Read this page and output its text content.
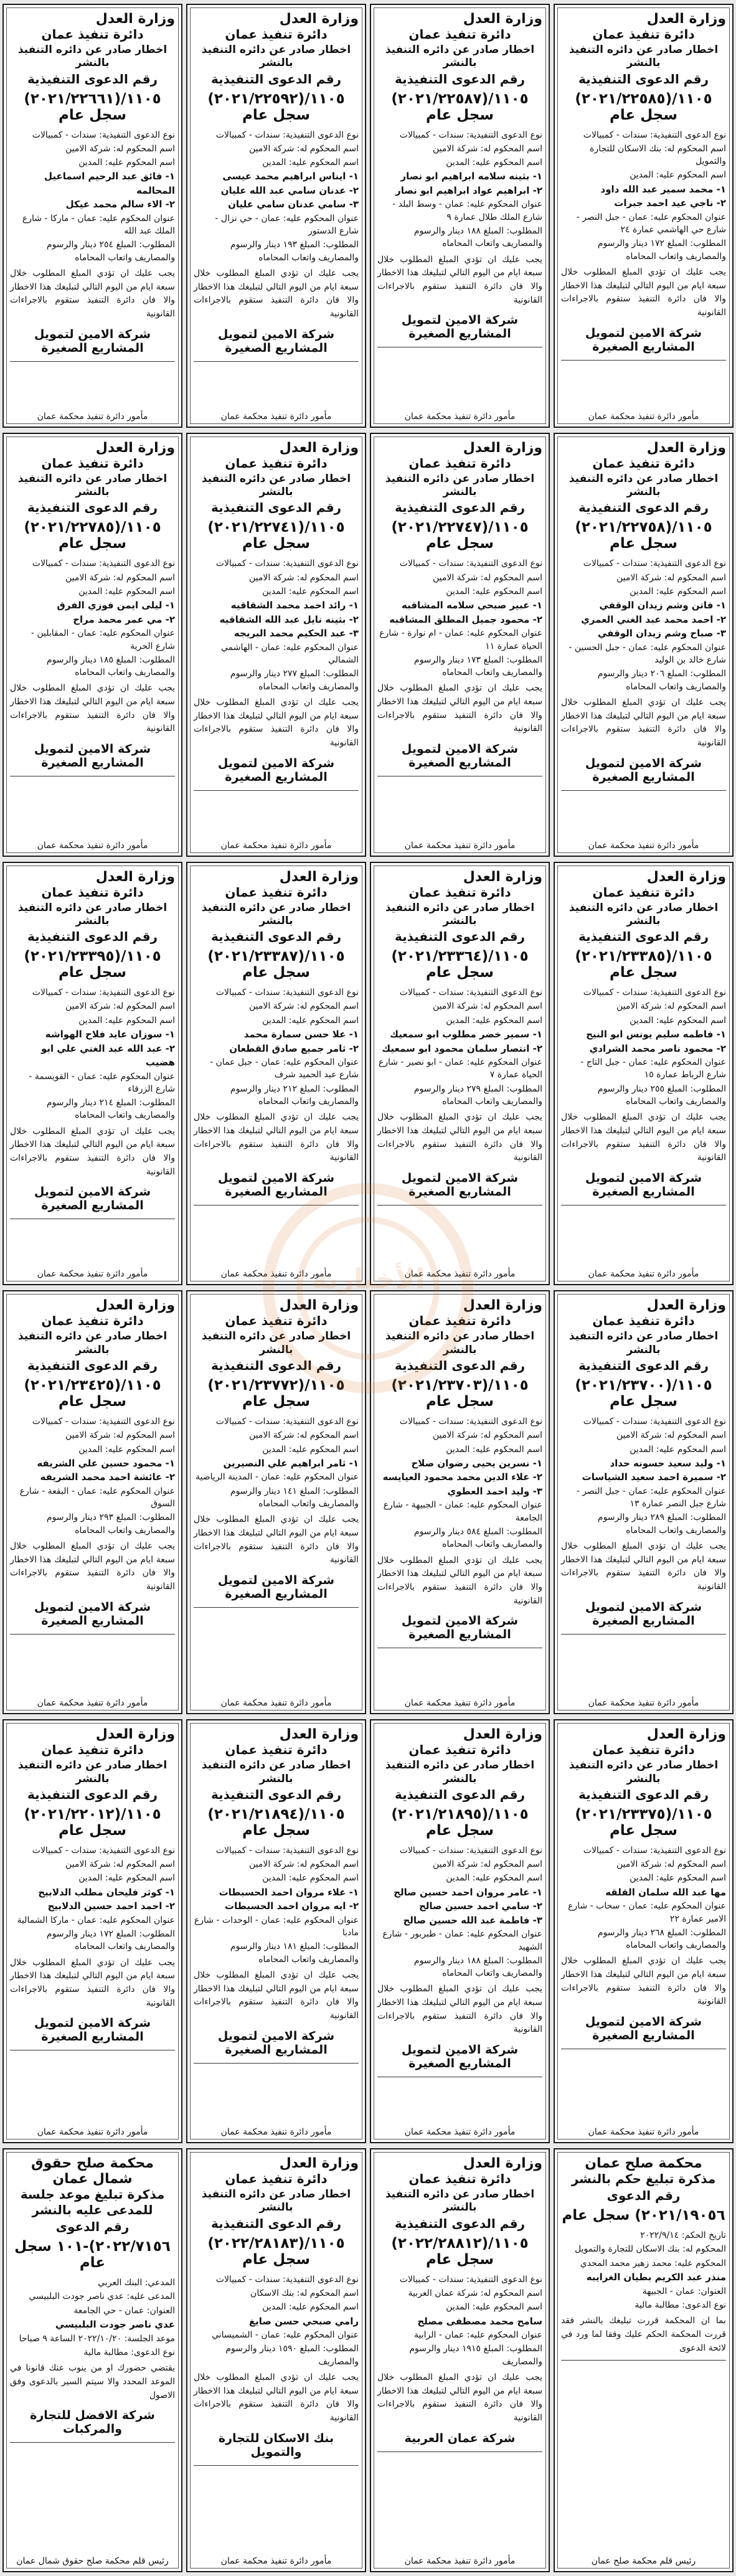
وزارة العدل
دائرة تنفيذ عمان
اخطار صادر عن دائره التنفيذ بالنشر
رقم الدعوى التنفيذية
١١٠٥/(٢٠٢١/٢٢٥٨٥) سجل عام
نوع الدعوى التنفيذية: سندات - كمبيالات
اسم المحكوم له: بنك الاسكان للتجارة والتمويل
اسم المحكوم عليه: المدين
١- محمد سمير عبد الله داود
٢- ناجي عيد احمد جبرات
عنوان المحكوم عليه: عمان - جبل النصر - شارع حي الهاشمي عمارة ٢٤
المطلوب: المبلغ ١٧٢ دينار والرسوم والمصاريف واتعاب المحاماه
يجب عليك ان تؤدي المبلغ المطلوب خلال سبعة ايام من اليوم التالي لتبليغك هذا الاخطار والا فان دائرة التنفيذ ستقوم بالاجراءات القانونية
شركة الامين لتمويل المشاريع الصغيرة
مأمور دائرة تنفيذ محكمة عمان
وزارة العدل
دائرة تنفيذ عمان
اخطار صادر عن دائره التنفيذ بالنشر
رقم الدعوى التنفيذية
١١٠٥/(٢٠٢١/٢٢٥٨٧) سجل عام
نوع الدعوى التنفيذية: سندات - كمبيالات
اسم المحكوم له: شركة الامين
اسم المحكوم عليه: المدين
١- بثينه سلامه ابراهيم ابو نصار
٢- ابراهيم عواد ابراهيم ابو نصار
عنوان المحكوم عليه: عمان - وسط البلد - شارع الملك طلال عمارة ٩
المطلوب: المبلغ ١٨٨ دينار والرسوم والمصاريف واتعاب المحاماه
يجب عليك ان تؤدي المبلغ المطلوب خلال سبعة ايام من اليوم التالي لتبليغك هذا الاخطار والا فان دائرة التنفيذ ستقوم بالاجراءات القانونية
شركة الامين لتمويل المشاريع الصغيرة
مأمور دائرة تنفيذ محكمة عمان
وزارة العدل
دائرة تنفيذ عمان
اخطار صادر عن دائره التنفيذ بالنشر
رقم الدعوى التنفيذية
١١٠٥/(٢٠٢١/٢٢٥٩٢) سجل عام
نوع الدعوى التنفيذية: سندات - كمبيالات
اسم المحكوم له: شركة الامين
اسم المحكوم عليه: المدين
١- ايناس ابراهيم محمد عيسى
٢- عدنان سامي عبد الله عليان
٣- سامي عدنان سامي عليان
عنوان المحكوم عليه: عمان - حي نزال - شارع الدستور
المطلوب: المبلغ ١٩٣ دينار والرسوم والمصاريف واتعاب المحاماه
يجب عليك ان تؤدي المبلغ المطلوب خلال سبعة ايام من اليوم التالي لتبليغك هذا الاخطار والا فان دائرة التنفيذ ستقوم بالاجراءات القانونية
شركة الامين لتمويل المشاريع الصغيرة
مأمور دائرة تنفيذ محكمة عمان
وزارة العدل
دائرة تنفيذ عمان
اخطار صادر عن دائره التنفيذ بالنشر
رقم الدعوى التنفيذية
١١٠٥/(٢٠٢١/٢٢٦٦١) سجل عام
نوع الدعوى التنفيذية: سندات - كمبيالات
اسم المحكوم له: شركة الامين
اسم المحكوم عليه: المدين
١- فائق عبد الرحيم اسماعيل المحالمه
٢- الاء سالم محمد عيكل
عنوان المحكوم عليه: عمان - ماركا - شارع الملك عبد الله
المطلوب: المبلغ ٢٥٤ دينار والرسوم والمصاريف واتعاب المحاماه
يجب عليك ان تؤدي المبلغ المطلوب خلال سبعة ايام من اليوم التالي لتبليغك هذا الاخطار والا فان دائرة التنفيذ ستقوم بالاجراءات القانونية
شركة الامين لتمويل المشاريع الصغيرة
مأمور دائرة تنفيذ محكمة عمان
وزارة العدل
دائرة تنفيذ عمان
اخطار صادر عن دائره التنفيذ بالنشر
رقم الدعوى التنفيذية
١١٠٥/(٢٠٢١/٢٢٧٥٨) سجل عام
نوع الدعوى التنفيذية: سندات - كمبيالات
اسم المحكوم له: شركة الامين
اسم المحكوم عليه: المدين
١- فاتن وشم زيدان الوقفي
٢- احمد محمد عبد الغني العمري
٣- صباح وشم زيدان الوقفي
عنوان المحكوم عليه: عمان - جبل الحسين - شارع خالد بن الوليد
المطلوب: المبلغ ٢٠٦ دينار والرسوم والمصاريف واتعاب المحاماه
يجب عليك ان تؤدي المبلغ المطلوب خلال سبعة ايام من اليوم التالي لتبليغك هذا الاخطار والا فان دائرة التنفيذ ستقوم بالاجراءات القانونية
شركة الامين لتمويل المشاريع الصغيرة
مأمور دائرة تنفيذ محكمة عمان
وزارة العدل
دائرة تنفيذ عمان
اخطار صادر عن دائره التنفيذ بالنشر
رقم الدعوى التنفيذية
١١٠٥/(٢٠٢١/٢٢٧٤٧) سجل عام
نوع الدعوى التنفيذية: سندات - كمبيالات
اسم المحكوم له: شركة الامين
اسم المحكوم عليه: المدين
١- عبير صبحي سلامه المشاقبه
٢- محمود جميل المطلق المشاقبه
عنوان المحكوم عليه: عمان - ام نوارة - شارع الحياة عمارة ١١
المطلوب: المبلغ ١٧٣ دينار والرسوم والمصاريف واتعاب المحاماه
يجب عليك ان تؤدي المبلغ المطلوب خلال سبعة ايام من اليوم التالي لتبليغك هذا الاخطار والا فان دائرة التنفيذ ستقوم بالاجراءات القانونية
شركة الامين لتمويل المشاريع الصغيرة
مأمور دائرة تنفيذ محكمة عمان
وزارة العدل
دائرة تنفيذ عمان
اخطار صادر عن دائره التنفيذ بالنشر
رقم الدعوى التنفيذية
١١٠٥/(٢٠٢١/٢٢٧٤١) سجل عام
نوع الدعوى التنفيذية: سندات - كمبيالات
اسم المحكوم له: شركة الامين
اسم المحكوم عليه: المدين
١- رائد احمد محمد الشقاقيه
٢- بثينه نايل عبد الله الشقاقيه
٣- عبد الحكيم محمد البريجه
عنوان المحكوم عليه: عمان - الهاشمي الشمالي
المطلوب: المبلغ ٢٧٧ دينار والرسوم والمصاريف واتعاب المحاماه
يجب عليك ان تؤدي المبلغ المطلوب خلال سبعة ايام من اليوم التالي لتبليغك هذا الاخطار والا فان دائرة التنفيذ ستقوم بالاجراءات القانونية
شركة الامين لتمويل المشاريع الصغيرة
مأمور دائرة تنفيذ محكمة عمان
وزارة العدل
دائرة تنفيذ عمان
اخطار صادر عن دائره التنفيذ بالنشر
رقم الدعوى التنفيذية
١١٠٥/(٢٠٢١/٢٢٧٨٥) سجل عام
نوع الدعوى التنفيذية: سندات - كمبيالات
اسم المحكوم له: شركة الامين
اسم المحكوم عليه: المدين
١- ليلى ايمن فوزي الفرق
٢- مي عمر محمد مراح
عنوان المحكوم عليه: عمان - المقابلين - شارع الحرية
المطلوب: المبلغ ١٨٥ دينار والرسوم والمصاريف واتعاب المحاماه
يجب عليك ان تؤدي المبلغ المطلوب خلال سبعة ايام من اليوم التالي لتبليغك هذا الاخطار والا فان دائرة التنفيذ ستقوم بالاجراءات القانونية
شركة الامين لتمويل المشاريع الصغيرة
مأمور دائرة تنفيذ محكمة عمان
وزارة العدل
دائرة تنفيذ عمان
اخطار صادر عن دائره التنفيذ بالنشر
رقم الدعوى التنفيذية
١١٠٥/(٢٠٢١/٢٣٣٨٥) سجل عام
نوع الدعوى التنفيذية: سندات - كمبيالات
اسم المحكوم له: شركة الامين
اسم المحكوم عليه: المدين
١- فاطمه سليم يونس ابو النيح
٢- محمود ناصر محمد الشرادي
عنوان المحكوم عليه: عمان - جبل التاج - شارع الرباط عمارة ١٥
المطلوب: المبلغ ٢٥٥ دينار والرسوم والمصاريف واتعاب المحاماه
يجب عليك ان تؤدي المبلغ المطلوب خلال سبعة ايام من اليوم التالي لتبليغك هذا الاخطار والا فان دائرة التنفيذ ستقوم بالاجراءات القانونية
شركة الامين لتمويل المشاريع الصغيرة
مأمور دائرة تنفيذ محكمة عمان
وزارة العدل
دائرة تنفيذ عمان
اخطار صادر عن دائره التنفيذ بالنشر
رقم الدعوى التنفيذية
١١٠٥/(٢٠٢١/٢٣٣٦٤) سجل عام
نوع الدعوى التنفيذية: سندات - كمبيالات
اسم المحكوم له: شركة الامين
اسم المحكوم عليه: المدين
١- سمير خضر مطلوب ابو سمعيك
٢- انتصار سلمان محمود ابو سمعيك
عنوان المحكوم عليه: عمان - ابو نصير - شارع الحياة عمارة ٧
المطلوب: المبلغ ٢٧٩ دينار والرسوم والمصاريف واتعاب المحاماه
يجب عليك ان تؤدي المبلغ المطلوب خلال سبعة ايام من اليوم التالي لتبليغك هذا الاخطار والا فان دائرة التنفيذ ستقوم بالاجراءات القانونية
شركة الامين لتمويل المشاريع الصغيرة
مأمور دائرة تنفيذ محكمة عمان
وزارة العدل
دائرة تنفيذ عمان
اخطار صادر عن دائره التنفيذ بالنشر
رقم الدعوى التنفيذية
١١٠٥/(٢٠٢١/٢٣٣٨٧) سجل عام
نوع الدعوى التنفيذية: سندات - كمبيالات
اسم المحكوم له: شركة الامين
اسم المحكوم عليه: المدين
١- علا حسن سمارة محمد
٢- ثامر جميع صادق القطعان
عنوان المحكوم عليه: عمان - جبل عمان - شارع عبد الحميد شرف
المطلوب: المبلغ ٢١٢ دينار والرسوم والمصاريف واتعاب المحاماه
يجب عليك ان تؤدي المبلغ المطلوب خلال سبعة ايام من اليوم التالي لتبليغك هذا الاخطار والا فان دائرة التنفيذ ستقوم بالاجراءات القانونية
شركة الامين لتمويل المشاريع الصغيرة
مأمور دائرة تنفيذ محكمة عمان
وزارة العدل
دائرة تنفيذ عمان
اخطار صادر عن دائره التنفيذ بالنشر
رقم الدعوى التنفيذية
١١٠٥/(٢٠٢١/٢٣٣٩٥) سجل عام
نوع الدعوى التنفيذية: سندات - كمبيالات
اسم المحكوم له: شركة الامين
اسم المحكوم عليه: المدين
١- سوزان عايد فلاح الهواشه
٢- عبد الله عبد الغني علي ابو هضيب
عنوان المحكوم عليه: عمان - القويسمة - شارع الزرقاء
المطلوب: المبلغ ٢١٤ دينار والرسوم والمصاريف واتعاب المحاماه
يجب عليك ان تؤدي المبلغ المطلوب خلال سبعة ايام من اليوم التالي لتبليغك هذا الاخطار والا فان دائرة التنفيذ ستقوم بالاجراءات القانونية
شركة الامين لتمويل المشاريع الصغيرة
مأمور دائرة تنفيذ محكمة عمان
وزارة العدل
دائرة تنفيذ عمان
اخطار صادر عن دائره التنفيذ بالنشر
رقم الدعوى التنفيذية
١١٠٥/(٢٠٢١/٢٣٧٠٠) سجل عام
نوع الدعوى التنفيذية: سندات - كمبيالات
اسم المحكوم له: شركة الامين
اسم المحكوم عليه: المدين
١- وليد سعيد حسونه حداد
٢- سميرة احمد سعيد الشياسات
عنوان المحكوم عليه: عمان - جبل النصر - شارع جبل النصر عمارة ١٣
المطلوب: المبلغ ٢٨٩ دينار والرسوم والمصاريف واتعاب المحاماه
يجب عليك ان تؤدي المبلغ المطلوب خلال سبعة ايام من اليوم التالي لتبليغك هذا الاخطار والا فان دائرة التنفيذ ستقوم بالاجراءات القانونية
شركة الامين لتمويل المشاريع الصغيرة
مأمور دائرة تنفيذ محكمة عمان
وزارة العدل
دائرة تنفيذ عمان
اخطار صادر عن دائره التنفيذ بالنشر
رقم الدعوى التنفيذية
١١٠٥/(٢٠٢١/٢٣٧٠٣) سجل عام
نوع الدعوى التنفيذية: سندات - كمبيالات
اسم المحكوم له: شركة الامين
اسم المحكوم عليه: المدين
١- نسرين يحيى رضوان صلاح
٢- علاء الدين محمد محمود العيايسه
٣- وليد احمد العطوي
عنوان المحكوم عليه: عمان - الجبيهة - شارع الجامعة
المطلوب: المبلغ ٥٨٤ دينار والرسوم والمصاريف واتعاب المحاماه
يجب عليك ان تؤدي المبلغ المطلوب خلال سبعة ايام من اليوم التالي لتبليغك هذا الاخطار والا فان دائرة التنفيذ ستقوم بالاجراءات القانونية
شركة الامين لتمويل المشاريع الصغيرة
مأمور دائرة تنفيذ محكمة عمان
وزارة العدل
دائرة تنفيذ عمان
اخطار صادر عن دائره التنفيذ بالنشر
رقم الدعوى التنفيذية
١١٠٥/(٢٠٢١/٢٣٧٧٢) سجل عام
نوع الدعوى التنفيذية: سندات - كمبيالات
اسم المحكوم له: شركة الامين
اسم المحكوم عليه: المدين
١- ثامر ابراهيم علي النصيرين
عنوان المحكوم عليه: عمان - المدينة الرياضية
المطلوب: المبلغ ١٤١ دينار والرسوم والمصاريف واتعاب المحاماه
يجب عليك ان تؤدي المبلغ المطلوب خلال سبعة ايام من اليوم التالي لتبليغك هذا الاخطار والا فان دائرة التنفيذ ستقوم بالاجراءات القانونية
شركة الامين لتمويل المشاريع الصغيرة
مأمور دائرة تنفيذ محكمة عمان
وزارة العدل
دائرة تنفيذ عمان
اخطار صادر عن دائره التنفيذ بالنشر
رقم الدعوى التنفيذية
١١٠٥/(٢٠٢١/٢٣٤٢٥) سجل عام
نوع الدعوى التنفيذية: سندات - كمبيالات
اسم المحكوم له: شركة الامين
اسم المحكوم عليه: المدين
١- محمود حسين علي الشريفه
٢- عائشة احمد محمد الشريفه
عنوان المحكوم عليه: عمان - البقعة - شارع السوق
المطلوب: المبلغ ٢٩٣ دينار والرسوم والمصاريف واتعاب المحاماه
يجب عليك ان تؤدي المبلغ المطلوب خلال سبعة ايام من اليوم التالي لتبليغك هذا الاخطار والا فان دائرة التنفيذ ستقوم بالاجراءات القانونية
شركة الامين لتمويل المشاريع الصغيرة
مأمور دائرة تنفيذ محكمة عمان
وزارة العدل
دائرة تنفيذ عمان
اخطار صادر عن دائره التنفيذ بالنشر
رقم الدعوى التنفيذية
١١٠٥/(٢٠٢١/٢٣٣٧٥) سجل عام
نوع الدعوى التنفيذية: سندات - كمبيالات
اسم المحكوم له: شركة الامين
اسم المحكوم عليه: المدين
مها عبد الله سلمان القلقه
عنوان المحكوم عليه: عمان - سحاب - شارع الامير عمارة ٢٢
المطلوب: المبلغ ٢٦٨ دينار والرسوم والمصاريف واتعاب المحاماه
يجب عليك ان تؤدي المبلغ المطلوب خلال سبعة ايام من اليوم التالي لتبليغك هذا الاخطار والا فان دائرة التنفيذ ستقوم بالاجراءات القانونية
شركة الامين لتمويل المشاريع الصغيرة
مأمور دائرة تنفيذ محكمة عمان
وزارة العدل
دائرة تنفيذ عمان
اخطار صادر عن دائره التنفيذ بالنشر
رقم الدعوى التنفيذية
١١٠٥/(٢٠٢١/٢١٨٩٥) سجل عام
نوع الدعوى التنفيذية: سندات - كمبيالات
اسم المحكوم له: شركة الامين
اسم المحكوم عليه: المدين
١- عامر مروان احمد حسين صالح
٢- سامي احمد حسين صالح
٣- فاطمة عبد الله حسين صالح
عنوان المحكوم عليه: عمان - طبربور - شارع الشهيد
المطلوب: المبلغ ١٨٨ دينار والرسوم والمصاريف واتعاب المحاماه
يجب عليك ان تؤدي المبلغ المطلوب خلال سبعة ايام من اليوم التالي لتبليغك هذا الاخطار والا فان دائرة التنفيذ ستقوم بالاجراءات القانونية
شركة الامين لتمويل المشاريع الصغيرة
مأمور دائرة تنفيذ محكمة عمان
وزارة العدل
دائرة تنفيذ عمان
اخطار صادر عن دائره التنفيذ بالنشر
رقم الدعوى التنفيذية
١١٠٥/(٢٠٢١/٢١٨٩٤) سجل عام
نوع الدعوى التنفيذية: سندات - كمبيالات
اسم المحكوم له: شركة الامين
اسم المحكوم عليه: المدين
١- علاء مروان احمد الحسبطات
٢- ايه مروان احمد الحسبطات
عنوان المحكوم عليه: عمان - الوحدات - شارع مادبا
المطلوب: المبلغ ١٨١ دينار والرسوم والمصاريف واتعاب المحاماه
يجب عليك ان تؤدي المبلغ المطلوب خلال سبعة ايام من اليوم التالي لتبليغك هذا الاخطار والا فان دائرة التنفيذ ستقوم بالاجراءات القانونية
شركة الامين لتمويل المشاريع الصغيرة
مأمور دائرة تنفيذ محكمة عمان
وزارة العدل
دائرة تنفيذ عمان
اخطار صادر عن دائره التنفيذ بالنشر
رقم الدعوى التنفيذية
١١٠٥/(٢٠٢١/٢٢٠١٢) سجل عام
نوع الدعوى التنفيذية: سندات - كمبيالات
اسم المحكوم له: شركة الامين
اسم المحكوم عليه: المدين
١- كوثر فليحان مطلب الدلابيح
٢- احمد احمد حسين الدلابيح
عنوان المحكوم عليه: عمان - ماركا الشمالية
المطلوب: المبلغ ١٧٢ دينار والرسوم والمصاريف واتعاب المحاماه
يجب عليك ان تؤدي المبلغ المطلوب خلال سبعة ايام من اليوم التالي لتبليغك هذا الاخطار والا فان دائرة التنفيذ ستقوم بالاجراءات القانونية
شركة الامين لتمويل المشاريع الصغيرة
مأمور دائرة تنفيذ محكمة عمان
محكمة صلح عمان
مذكرة تبليغ حكم بالنشر
رقم الدعوى
٢٠٢١/١٩٠٥٦) سجل عام
تاريخ الحكم: ٢٠٢٢/٩/١٤
المحكوم له: بنك الاسكان للتجارة والتمويل
المحكوم عليه: محمد زهير محمد المحدي
منذر عبد الكريم بطيان الغرايبه
العنوان: عمان - الجبيهة
نوع الدعوى: مطالبة مالية
بما ان المحكمة قررت تبليغك بالنشر فقد قررت المحكمة الحكم عليك وفقا لما ورد في لائحة الدعوى
رئيس قلم محكمة صلح عمان
وزارة العدل
دائرة تنفيذ عمان
اخطار صادر عن دائره التنفيذ بالنشر
رقم الدعوى التنفيذية
١١٠٥/(٢٠٢٢/٢٨٨١٢) سجل عام
نوع الدعوى التنفيذية: سندات - كمبيالات
اسم المحكوم له: شركة عمان العربية
اسم المحكوم عليه: المدين
سامح محمد مصطفى مصلح
عنوان المحكوم عليه: عمان - الرابية
المطلوب: المبلغ ١٩١٥ دينار والرسوم والمصاريف
يجب عليك ان تؤدي المبلغ المطلوب خلال سبعة ايام من اليوم التالي لتبليغك هذا الاخطار والا فان دائرة التنفيذ ستقوم بالاجراءات القانونية
شركة عمان العربية
مأمور دائرة تنفيذ محكمة عمان
وزارة العدل
دائرة تنفيذ عمان
اخطار صادر عن دائره التنفيذ بالنشر
رقم الدعوى التنفيذية
١١٠٥/(٢٠٢٢/٢٨١٨٣) سجل عام
نوع الدعوى التنفيذية: سندات - كمبيالات
اسم المحكوم له: بنك الاسكان
اسم المحكوم عليه: المدين
رامي صبحي حسن صايغ
عنوان المحكوم عليه: عمان - الشميساني
المطلوب: المبلغ ١٥٩٠ دينار والرسوم والمصاريف
يجب عليك ان تؤدي المبلغ المطلوب خلال سبعة ايام من اليوم التالي لتبليغك هذا الاخطار والا فان دائرة التنفيذ ستقوم بالاجراءات القانونية
بنك الاسكان للتجارة والتمويل
مأمور دائرة تنفيذ محكمة عمان
محكمة صلح حقوق شمال عمان
مذكرة تبليغ موعد جلسة للمدعى عليه بالنشر
رقم الدعوى
٢٠٢٢/٧١٥٦)-١٠١ سجل عام
المدعي: البنك العربي
المدعى عليه: عدي ناصر جودت البلبيسي
العنوان: عمان - حي الجامعة
عدي ناصر جودت البلبيسي
موعد الجلسة: ٢٠٢٢/١٠/٢٠ الساعة ٩ صباحا
نوع الدعوى: مطالبة مالية
يقتضي حضورك او من ينوب عنك قانونا في الموعد المحدد والا سيتم السير بالدعوى وفق الاصول
شركة الافضل للتجارة والمركبات
رئيس قلم محكمة صلح حقوق شمال عمان
الأخبارية
